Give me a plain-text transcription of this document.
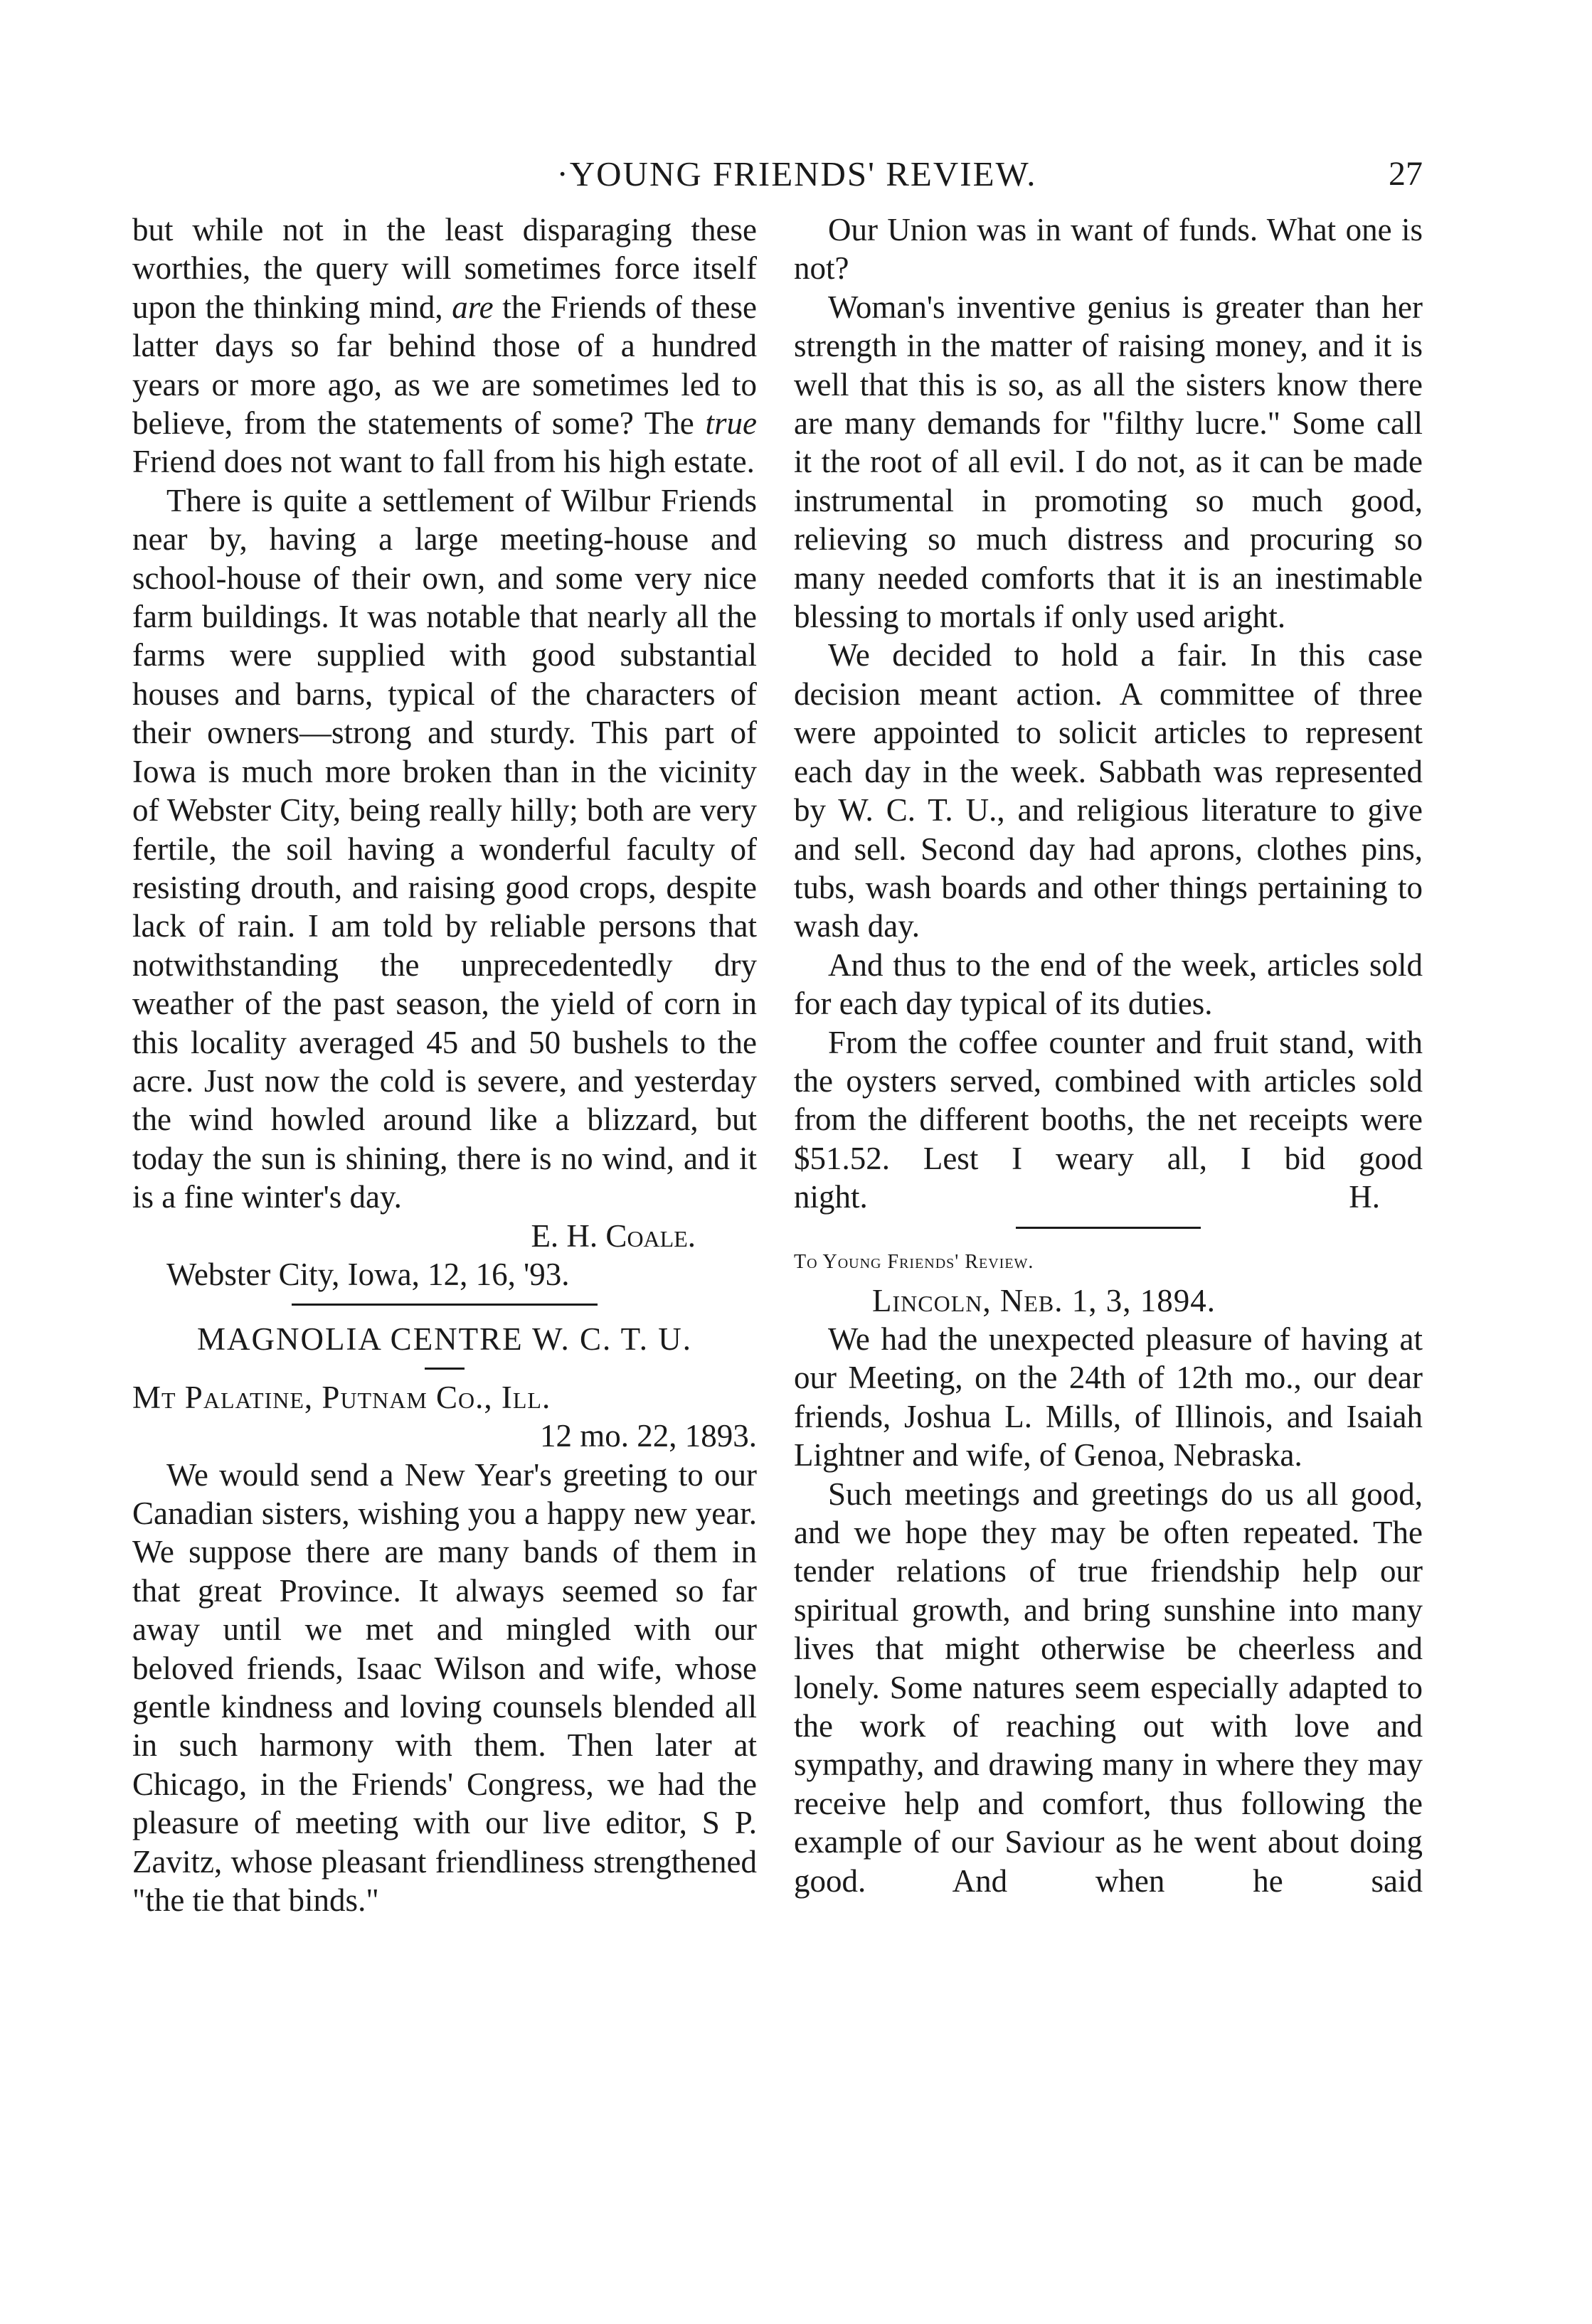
·YOUNG FRIENDS' REVIEW.	27

but while not in the least disparaging these worthies, the query will sometimes force itself upon the thinking mind, are the Friends of these latter days so far behind those of a hundred years or more ago, as we are sometimes led to believe, from the statements of some? The true Friend does not want to fall from his high estate.

There is quite a settlement of Wilbur Friends near by, having a large meeting-house and school-house of their own, and some very nice farm buildings. It was notable that nearly all the farms were supplied with good substantial houses and barns, typical of the characters of their owners—strong and sturdy. This part of Iowa is much more broken than in the vicinity of Webster City, being really hilly; both are very fertile, the soil having a wonderful faculty of resisting drouth, and raising good crops, despite lack of rain. I am told by reliable persons that notwithstanding the unprecedentedly dry weather of the past season, the yield of corn in this locality averaged 45 and 50 bushels to the acre. Just now the cold is severe, and yesterday the wind howled around like a blizzard, but today the sun is shining, there is no wind, and it is a fine winter's day.

E. H. Coale.

Webster City, Iowa, 12, 16, '93.

MAGNOLIA CENTRE W. C. T. U.

Mt Palatine, Putnam Co., Ill.

12 mo. 22, 1893.

We would send a New Year's greeting to our Canadian sisters, wishing you a happy new year. We suppose there are many bands of them in that great Province. It always seemed so far away until we met and mingled with our beloved friends, Isaac Wilson and wife, whose gentle kindness and loving counsels blended all in such harmony with them. Then later at Chicago, in the Friends' Congress, we had the pleasure of meeting with our live editor, S P. Zavitz, whose pleasant friendliness strengthened "the tie that binds."

Our Union was in want of funds. What one is not?

Woman's inventive genius is greater than her strength in the matter of raising money, and it is well that this is so, as all the sisters know there are many demands for "filthy lucre." Some call it the root of all evil. I do not, as it can be made instrumental in promoting so much good, relieving so much distress and procuring so many needed comforts that it is an inestimable blessing to mortals if only used aright.

We decided to hold a fair. In this case decision meant action. A committee of three were appointed to solicit articles to represent each day in the week. Sabbath was represented by W. C. T. U., and religious literature to give and sell. Second day had aprons, clothes pins, tubs, wash boards and other things pertaining to wash day.

And thus to the end of the week, articles sold for each day typical of its duties.

From the coffee counter and fruit stand, with the oysters served, combined with articles sold from the different booths, the net receipts were $51.52. Lest I weary all, I bid good

night.	H.

To Young Friends' Review.

Lincoln, Neb. 1, 3, 1894.

We had the unexpected pleasure of having at our Meeting, on the 24th of 12th mo., our dear friends, Joshua L. Mills, of Illinois, and Isaiah Lightner and wife, of Genoa, Nebraska.

Such meetings and greetings do us all good, and we hope they may be often repeated. The tender relations of true friendship help our spiritual growth, and bring sunshine into many lives that might otherwise be cheerless and lonely. Some natures seem especially adapted to the work of reaching out with love and sympathy, and drawing many in where they may receive help and comfort, thus following the example of our Saviour as he went about doing good. And when he said
